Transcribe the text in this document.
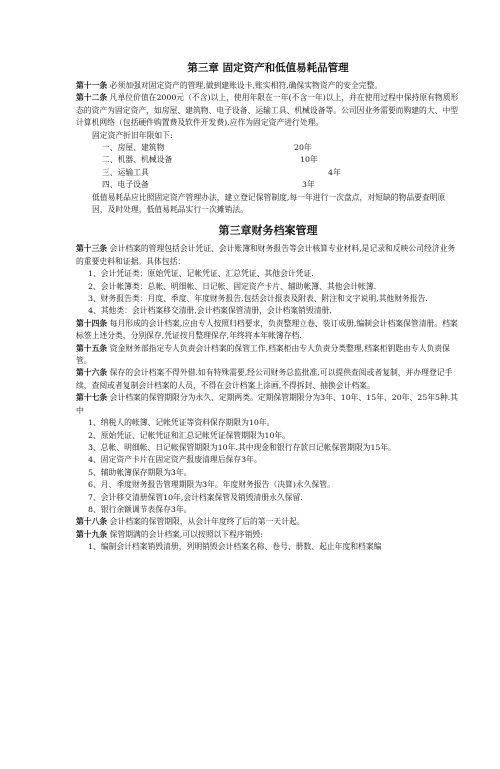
第三章 固定资产和低值易耗品管理

第十一条 必须加强对固定资产的管理,做到建账设卡,账实相符,确保实物资产的安全完整。

第十二条 凡单位价值在2000元（不含)以上，使用年限在一年(不含一年)以上，并在使用过程中保持原有物质形态的资产为固定资产，如房屋、建筑物、电子设备、运输工具、机械设备等。公司因业务需要而购建的大、中型计算机网络（包括硬件购置费及软件开发费),应作为固定资产进行处理。

固定资产折旧年限如下:

一、房屋、建筑物	20年
二、机器、机械设备	10年
三、运输工具	4年
四、电子设备	3年

低值易耗品应比照固定资产管理办法，建立登记保管制度,每一年进行一次盘点，对短缺的物品要查明原因，及时处理，低值易耗品实行一次摊销法。

第三章财务档案管理

第十三条 会计档案的管理包括会计凭证、会计账簿和财务报告等会计核算专业材料,是记录和反映公司经济业务的重要史料和证据。具体包括：

1、会计凭证类：原始凭证、记帐凭证、汇总凭证、其他会计凭证.

2、会计帐簿类：总帐、明细帐、日记帐、固定资产卡片、辅助帐簿、其他会计帐簿.

3、财务报告类：月度、季度、年度财务报告,包括会计报表及附表、附注和文字说明,其他财务报告.

4、其他类：会计档案移交清册,会计档案保管清册，会计档案销毁清册,

第十四条 每月形成的会计档案,应由专人按照归档要求，负责整理立卷、装订成册,编制会计档案保管清册。档案标签上述分类，分别保存,凭证按月整理保存,年终将本年帐簿存档.

第十五条 资金财务部指定专人负责会计档案的保管工作,档案柜由专人负责分类整理,档案柜钥匙由专人负责保管。

第十六条 保存的会计档案不得外借.如有特殊需要,经公司财务总监批准,可以提供查阅或者复制，并办理登记手续，查阅或者复制会计档案的人员，不得在会计档案上涂画,不得拆封、抽换会计档案。

第十七条 会计档案的保管期限分为永久、定期两类。定期保管期限分为3年、10年、15年、20年、25年5种.其中

1、纳税人的帐簿、记帐凭证等资料保存期限为10年。

2、原始凭证、记帐凭证和汇总记帐凭证保管期限为10年。

3、总帐、明细帐、日记帐保管期限为10年.其中现金和银行存款日记帐保管期限为15年。

4、固定资产卡片在固定资产报废清理后保存3年。

5、辅助帐簿保存期限为3年。

6、月、季度财务报告管理期限为3年。年度财务报告（决算)永久保管。

7、会计移交清册保管10年,会计档案保管及销毁清册永久保留.

8、银行余额调节表保存3年。

第十八条 会计档案的保管期限，从会计年度终了后的第一天计起。

第十九条 保管期满的会计档案,可以按照以下程序销毁:

1、编制会计档案销毁清册，列明销毁会计档案名称、卷号、册数、起止年度和档案编
